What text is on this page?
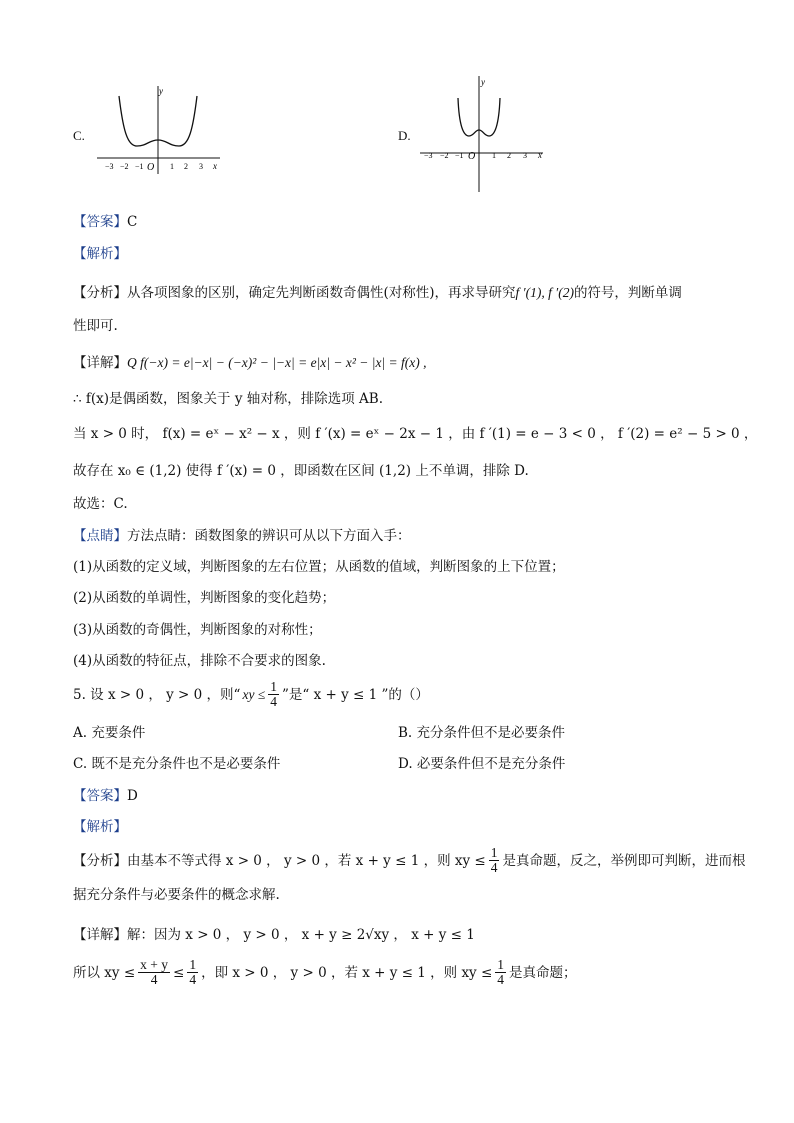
C.
y
x
−3 −2 −1 O 1 2 3
D.
y
x
−3 −2 −1 O 1 2 3
【答案】C
【解析】
【分析】从各项图象的区别，确定先判断函数奇偶性(对称性)，再求导研究f ′(1), f ′(2)的符号，判断单调
性即可.
【详解】Q f(−x) = e|−x| − (−x)² − |−x| = e|x| − x² − |x| = f(x) ,
∴ f(x)是偶函数，图象关于 y 轴对称，排除选项 AB.
当 x > 0 时， f(x) = eˣ − x² − x ，则 f ′(x) = eˣ − 2x − 1 ，由 f ′(1) = e − 3 < 0 ， f ′(2) = e² − 5 > 0 ，
故存在 x₀ ∈ (1,2) 使得 f ′(x) = 0 ，即函数在区间 (1,2) 上不单调，排除 D.
故选：C.
【点睛】方法点睛：函数图象的辨识可从以下方面入手：
(1)从函数的定义域，判断图象的左右位置；从函数的值域，判断图象的上下位置；
(2)从函数的单调性，判断图象的变化趋势；
(3)从函数的奇偶性，判断图象的对称性；
(4)从函数的特征点，排除不合要求的图象.
5. 设 x > 0 ， y > 0 ，则“ xy ≤ $\frac{1}{4}$ ”是“ x + y ≤ 1 ”的（）
A. 充要条件	B. 充分条件但不是必要条件
C. 既不是充分条件也不是必要条件	D. 必要条件但不是充分条件
【答案】D
【解析】
【分析】 由基本不等式得 x > 0 ， y > 0 ，若 x + y ≤ 1 ，则 xy ≤ $\frac{1}{4}$ 是真命题，反之，举例即可判断，进而根
据充分条件与必要条件的概念求解.
【详解】解：因为 x > 0 ， y > 0 ， x + y ≥ 2√xy ， x + y ≤ 1
所以 xy ≤ $\frac{x + y}{4} \le \frac{1}{4}$ ，即 x > 0 ， y > 0 ，若 x + y ≤ 1 ，则 xy ≤ $\frac{1}{4}$ 是真命题；
